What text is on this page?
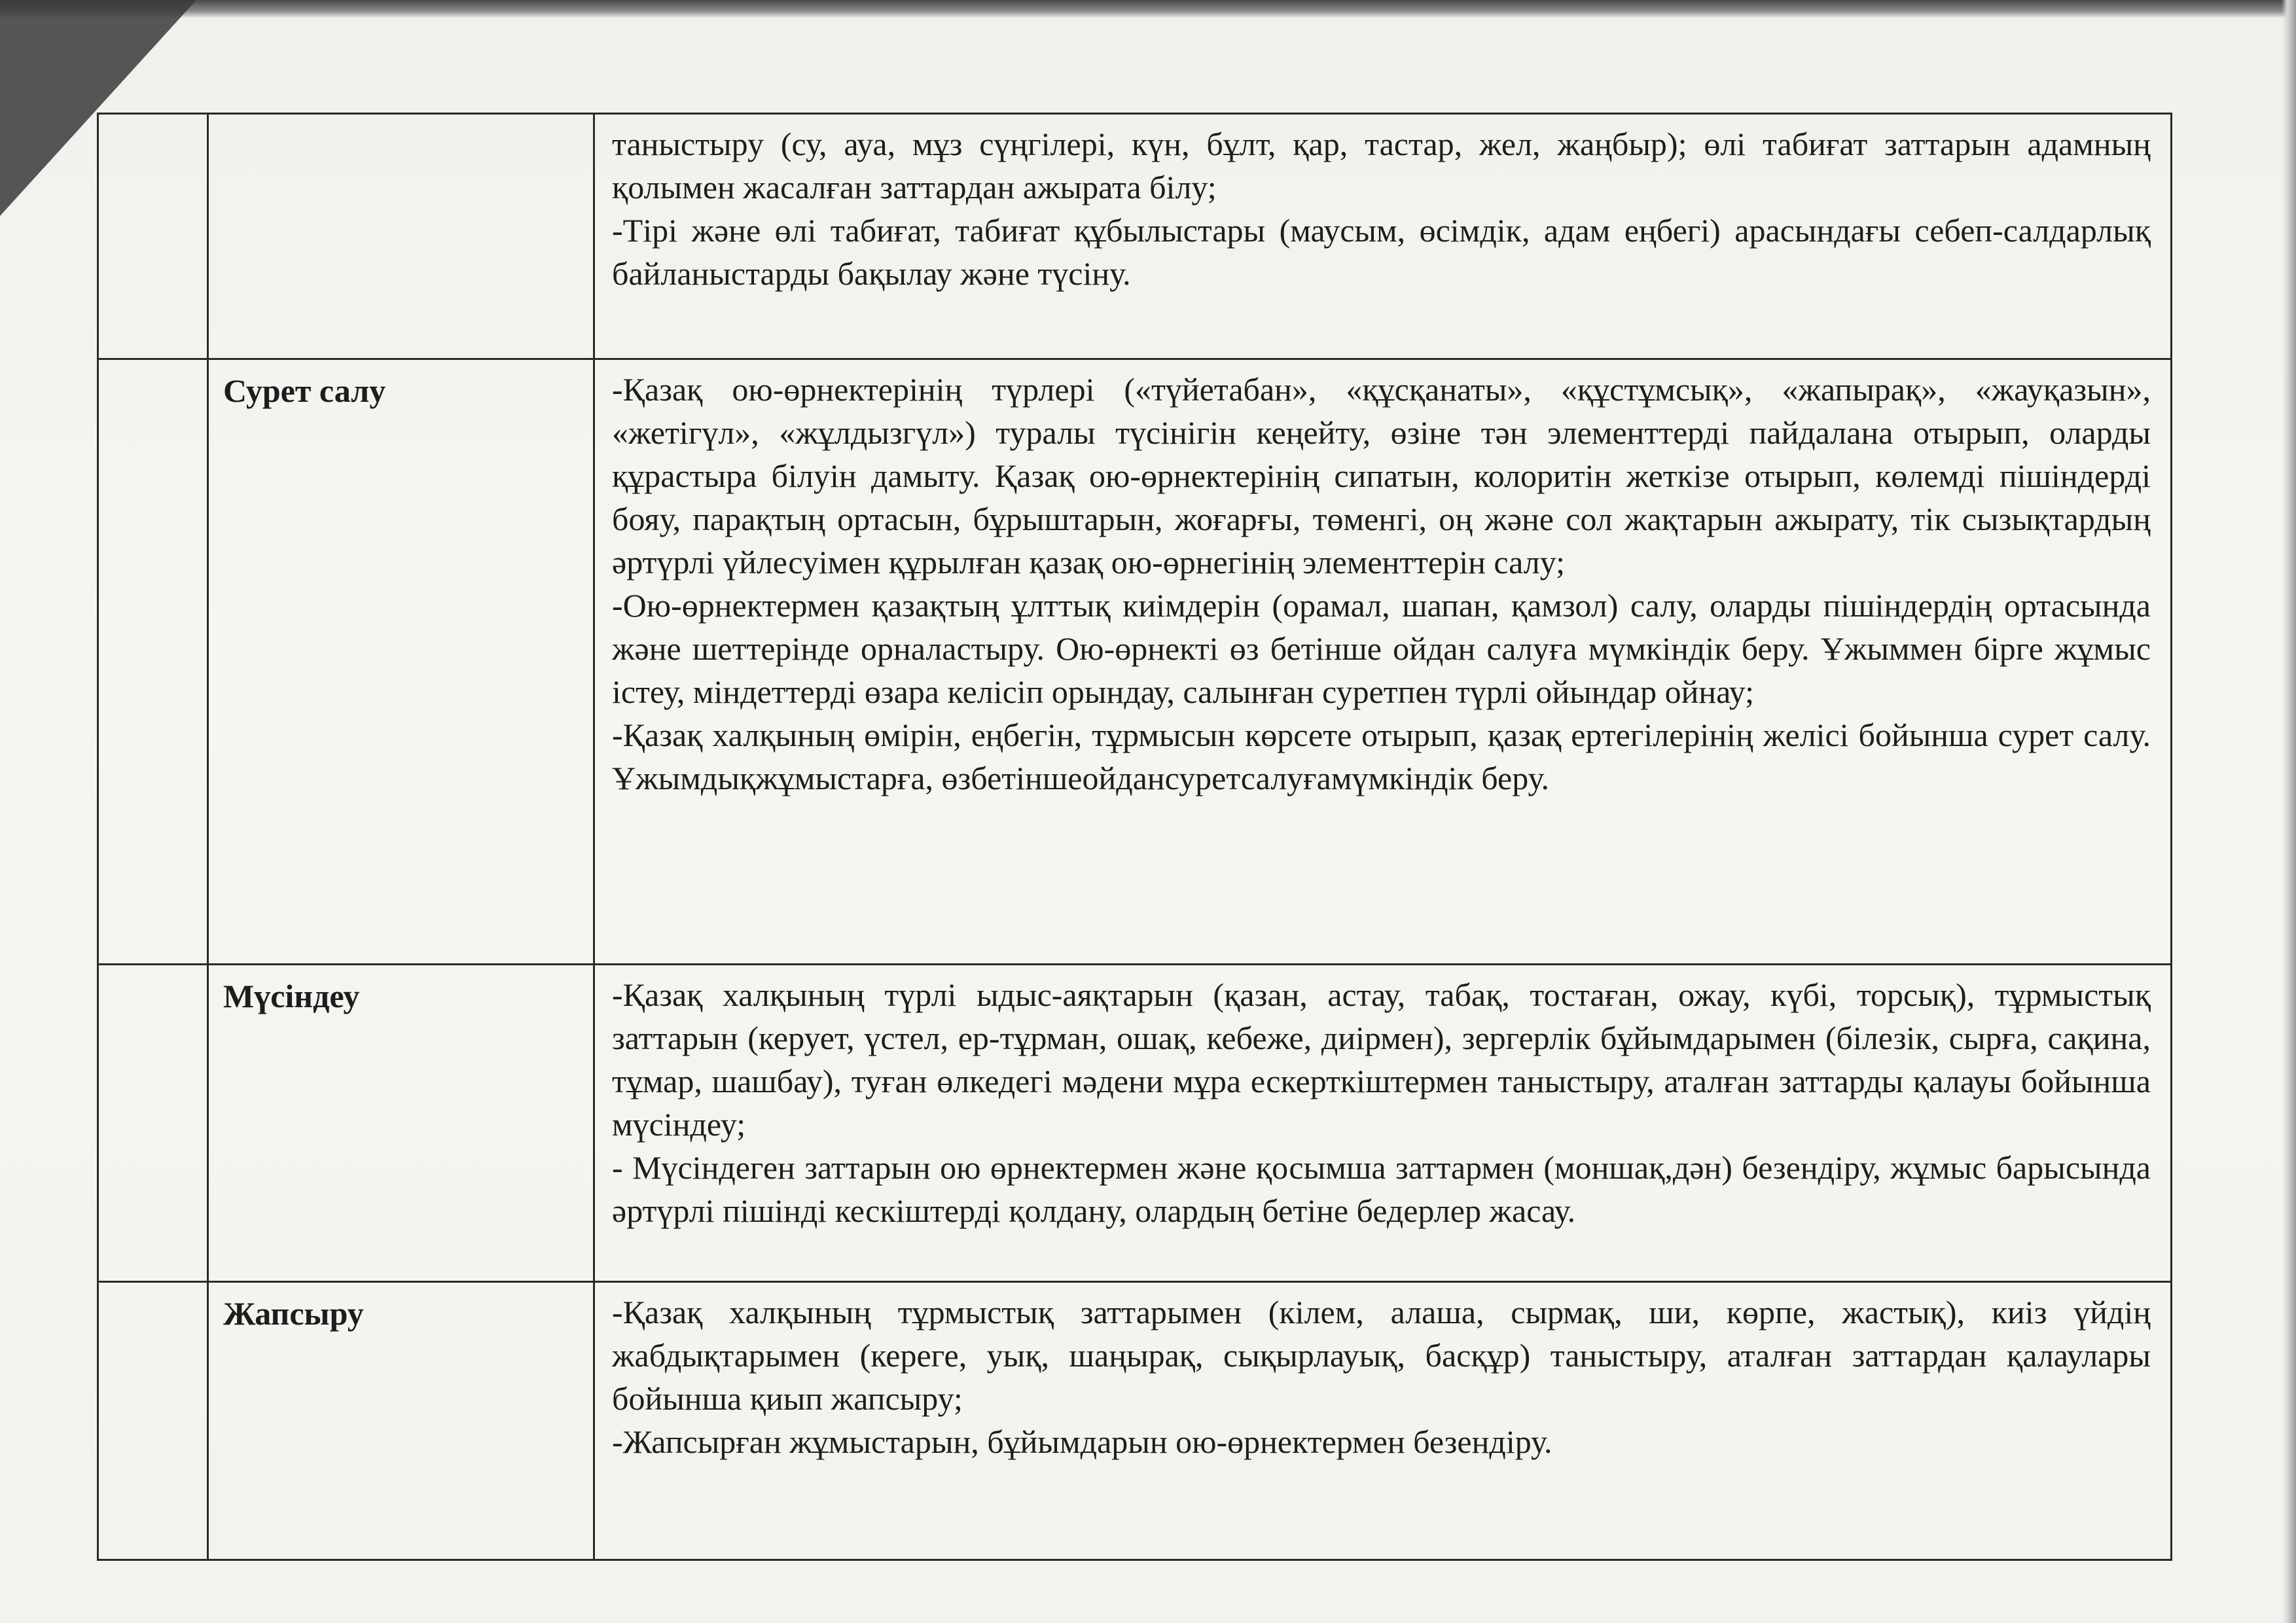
		таныстыру (су, ауа, мұз сүңгілері, күн, бұлт, қар, тастар, жел, жаңбыр); өлі табиғат заттарын адамның қолымен жасалған заттардан ажырата білу;

-Тірі және өлі табиғат, табиғат құбылыстары (маусым, өсімдік, адам еңбегі) арасындағы себеп-салдарлық байланыстарды бақылау және түсіну.

	Сурет салу	-Қазақ ою-өрнектерінің түрлері («түйетабан», «құсқанаты», «құстұмсық», «жапырақ», «жауқазын», «жетігүл», «жұлдызгүл») туралы түсінігін кеңейту, өзіне тән элементтерді пайдалана отырып, оларды құрастыра білуін дамыту. Қазақ ою-өрнектерінің сипатын, колоритін жеткізе отырып, көлемді пішіндерді бояу, парақтың ортасын, бұрыштарын, жоғарғы, төменгі, оң және сол жақтарын ажырату, тік сызықтардың әртүрлі үйлесуімен құрылған қазақ ою-өрнегінің элементтерін салу;

-Ою-өрнектермен қазақтың ұлттық киімдерін (орамал, шапан, қамзол) салу, оларды пішіндердің ортасында және шеттерінде орналастыру. Ою-өрнекті өз бетінше ойдан салуға мүмкіндік беру. Ұжыммен бірге жұмыс істеу, міндеттерді өзара келісіп орындау, салынған суретпен түрлі ойындар ойнау;

-Қазақ халқының өмірін, еңбегін, тұрмысын көрсете отырып, қазақ ертегілерінің желісі бойынша сурет салу. Ұжымдықжұмыстарға, өзбетіншеойдансуретсалуғамүмкіндік беру.

	Мүсіндеу	-Қазақ халқының түрлі ыдыс-аяқтарын (қазан, астау, табақ, тостаған, ожау, күбі, торсық), тұрмыстық заттарын (керует, үстел, ер-тұрман, ошақ, кебеже, диірмен), зергерлік бұйымдарымен (білезік, сырға, сақина, тұмар, шашбау), туған өлкедегі мәдени мұра ескерткіштермен таныстыру, аталған заттарды қалауы бойынша мүсіндеу;

- Мүсіндеген заттарын ою өрнектермен және қосымша заттармен (моншақ,дән) безендіру, жұмыс барысында әртүрлі пішінді кескіштерді қолдану, олардың бетіне бедерлер жасау.

	Жапсыру	-Қазақ халқының тұрмыстық заттарымен (кілем, алаша, сырмақ, ши, көрпе, жастық), киіз үйдің жабдықтарымен (кереге, уық, шаңырақ, сықырлауық, басқұр) таныстыру, аталған заттардан қалаулары бойынша қиып жапсыру;

-Жапсырған жұмыстарын, бұйымдарын ою-өрнектермен безендіру.
